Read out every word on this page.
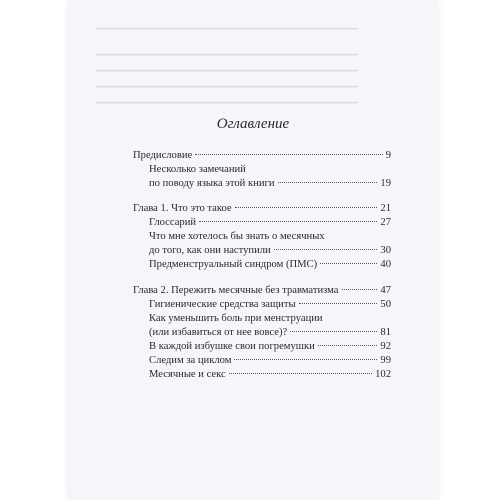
▁▁▁▁▁▁▁▁▁▁▁▁▁▁▁▁▁▁▁▁▁▁▁▁▁▁▁▁▁▁▁▁▁▁
▁▁▁▁▁▁▁▁▁▁▁▁▁▁▁▁▁▁▁▁▁▁▁▁▁▁▁▁▁▁▁▁▁▁
▁▁▁▁▁▁▁▁▁▁▁▁▁▁▁▁▁▁▁▁▁▁▁▁▁▁▁▁▁▁▁▁▁▁
▁▁▁▁▁▁▁▁▁▁▁▁▁▁▁▁▁▁▁▁▁▁▁▁▁▁▁▁▁▁▁▁▁▁
▁▁▁▁▁▁▁▁▁▁▁▁▁▁▁▁▁▁▁▁▁▁▁▁▁▁▁▁▁▁▁▁▁▁
Оглавление
Предисловие	9
Несколько замечаний
по поводу языка этой книги	19
Глава 1. Что это такое	21
Глоссарий	27
Что мне хотелось бы знать о месячных
до того, как они наступили	30
Предменструальный синдром (ПМС)	40
Глава 2. Пережить месячные без травматизма	47
Гигиенические средства защиты	50
Как уменьшить боль при менструации
(или избавиться от нее вовсе)?	81
В каждой избушке свои погремушки	92
Следим за циклом	99
Месячные и секс	102
